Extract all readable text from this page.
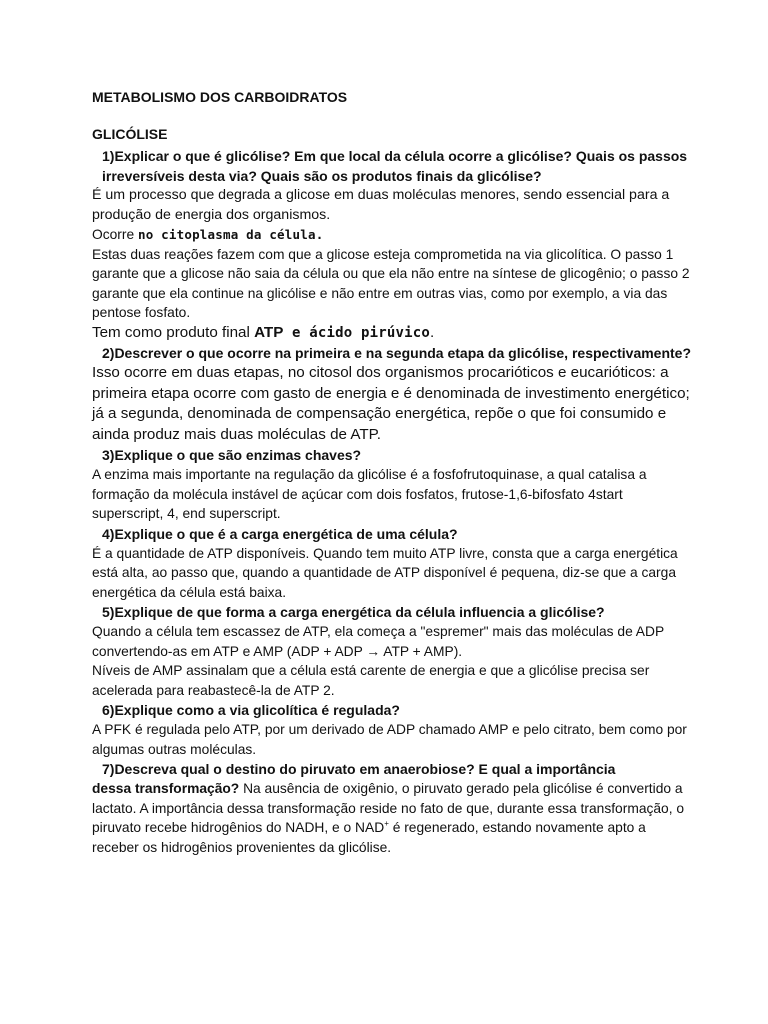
METABOLISMO DOS CARBOIDRATOS

GLICÓLISE

1)Explicar o que é glicólise? Em que local da célula ocorre a glicólise? Quais os passos irreversíveis desta via? Quais são os produtos finais da glicólise?

É um processo que degrada a glicose em duas moléculas menores, sendo essencial para a produção de energia dos organismos.

Ocorre no citoplasma da célula.

Estas duas reações fazem com que a glicose esteja comprometida na via glicolítica. O passo 1 garante que a glicose não saia da célula ou que ela não entre na síntese de glicogênio; o passo 2 garante que ela continue na glicólise e não entre em outras vias, como por exemplo, a via das pentose fosfato.

Tem como produto final ATP e ácido pirúvico.

2)Descrever o que ocorre na primeira e na segunda etapa da glicólise, respectivamente?

Isso ocorre em duas etapas, no citosol dos organismos procarióticos e eucarióticos: a primeira etapa ocorre com gasto de energia e é denominada de investimento energético; já a segunda, denominada de compensação energética, repõe o que foi consumido e ainda produz mais duas moléculas de ATP.

3)Explique o que são enzimas chaves?

A enzima mais importante na regulação da glicólise é a fosfofrutoquinase, a qual catalisa a formação da molécula instável de açúcar com dois fosfatos, frutose-1,6-bifosfato 4start superscript, 4, end superscript.

4)Explique o que é a carga energética de uma célula?

É a quantidade de ATP disponíveis. Quando tem muito ATP livre, consta que a carga energética está alta, ao passo que, quando a quantidade de ATP disponível é pequena, diz-se que a carga energética da célula está baixa.

5)Explique de que forma a carga energética da célula influencia a glicólise?

Quando a célula tem escassez de ATP, ela começa a "espremer" mais das moléculas de ADP convertendo-as em ATP e AMP (ADP + ADP → ATP + AMP).

Níveis de AMP assinalam que a célula está carente de energia e que a glicólise precisa ser acelerada para reabastecê-la de ATP 2.

6)Explique como a via glicolítica é regulada?

A PFK é regulada pelo ATP, por um derivado de ADP chamado AMP e pelo citrato, bem como por algumas outras moléculas.

7)Descreva qual o destino do piruvato em anaerobiose? E qual a importância

dessa transformação? Na ausência de oxigênio, o piruvato gerado pela glicólise é convertido a lactato. A importância dessa transformação reside no fato de que, durante essa transformação, o piruvato recebe hidrogênios do NADH, e o NAD+ é regenerado, estando novamente apto a receber os hidrogênios provenientes da glicólise.
